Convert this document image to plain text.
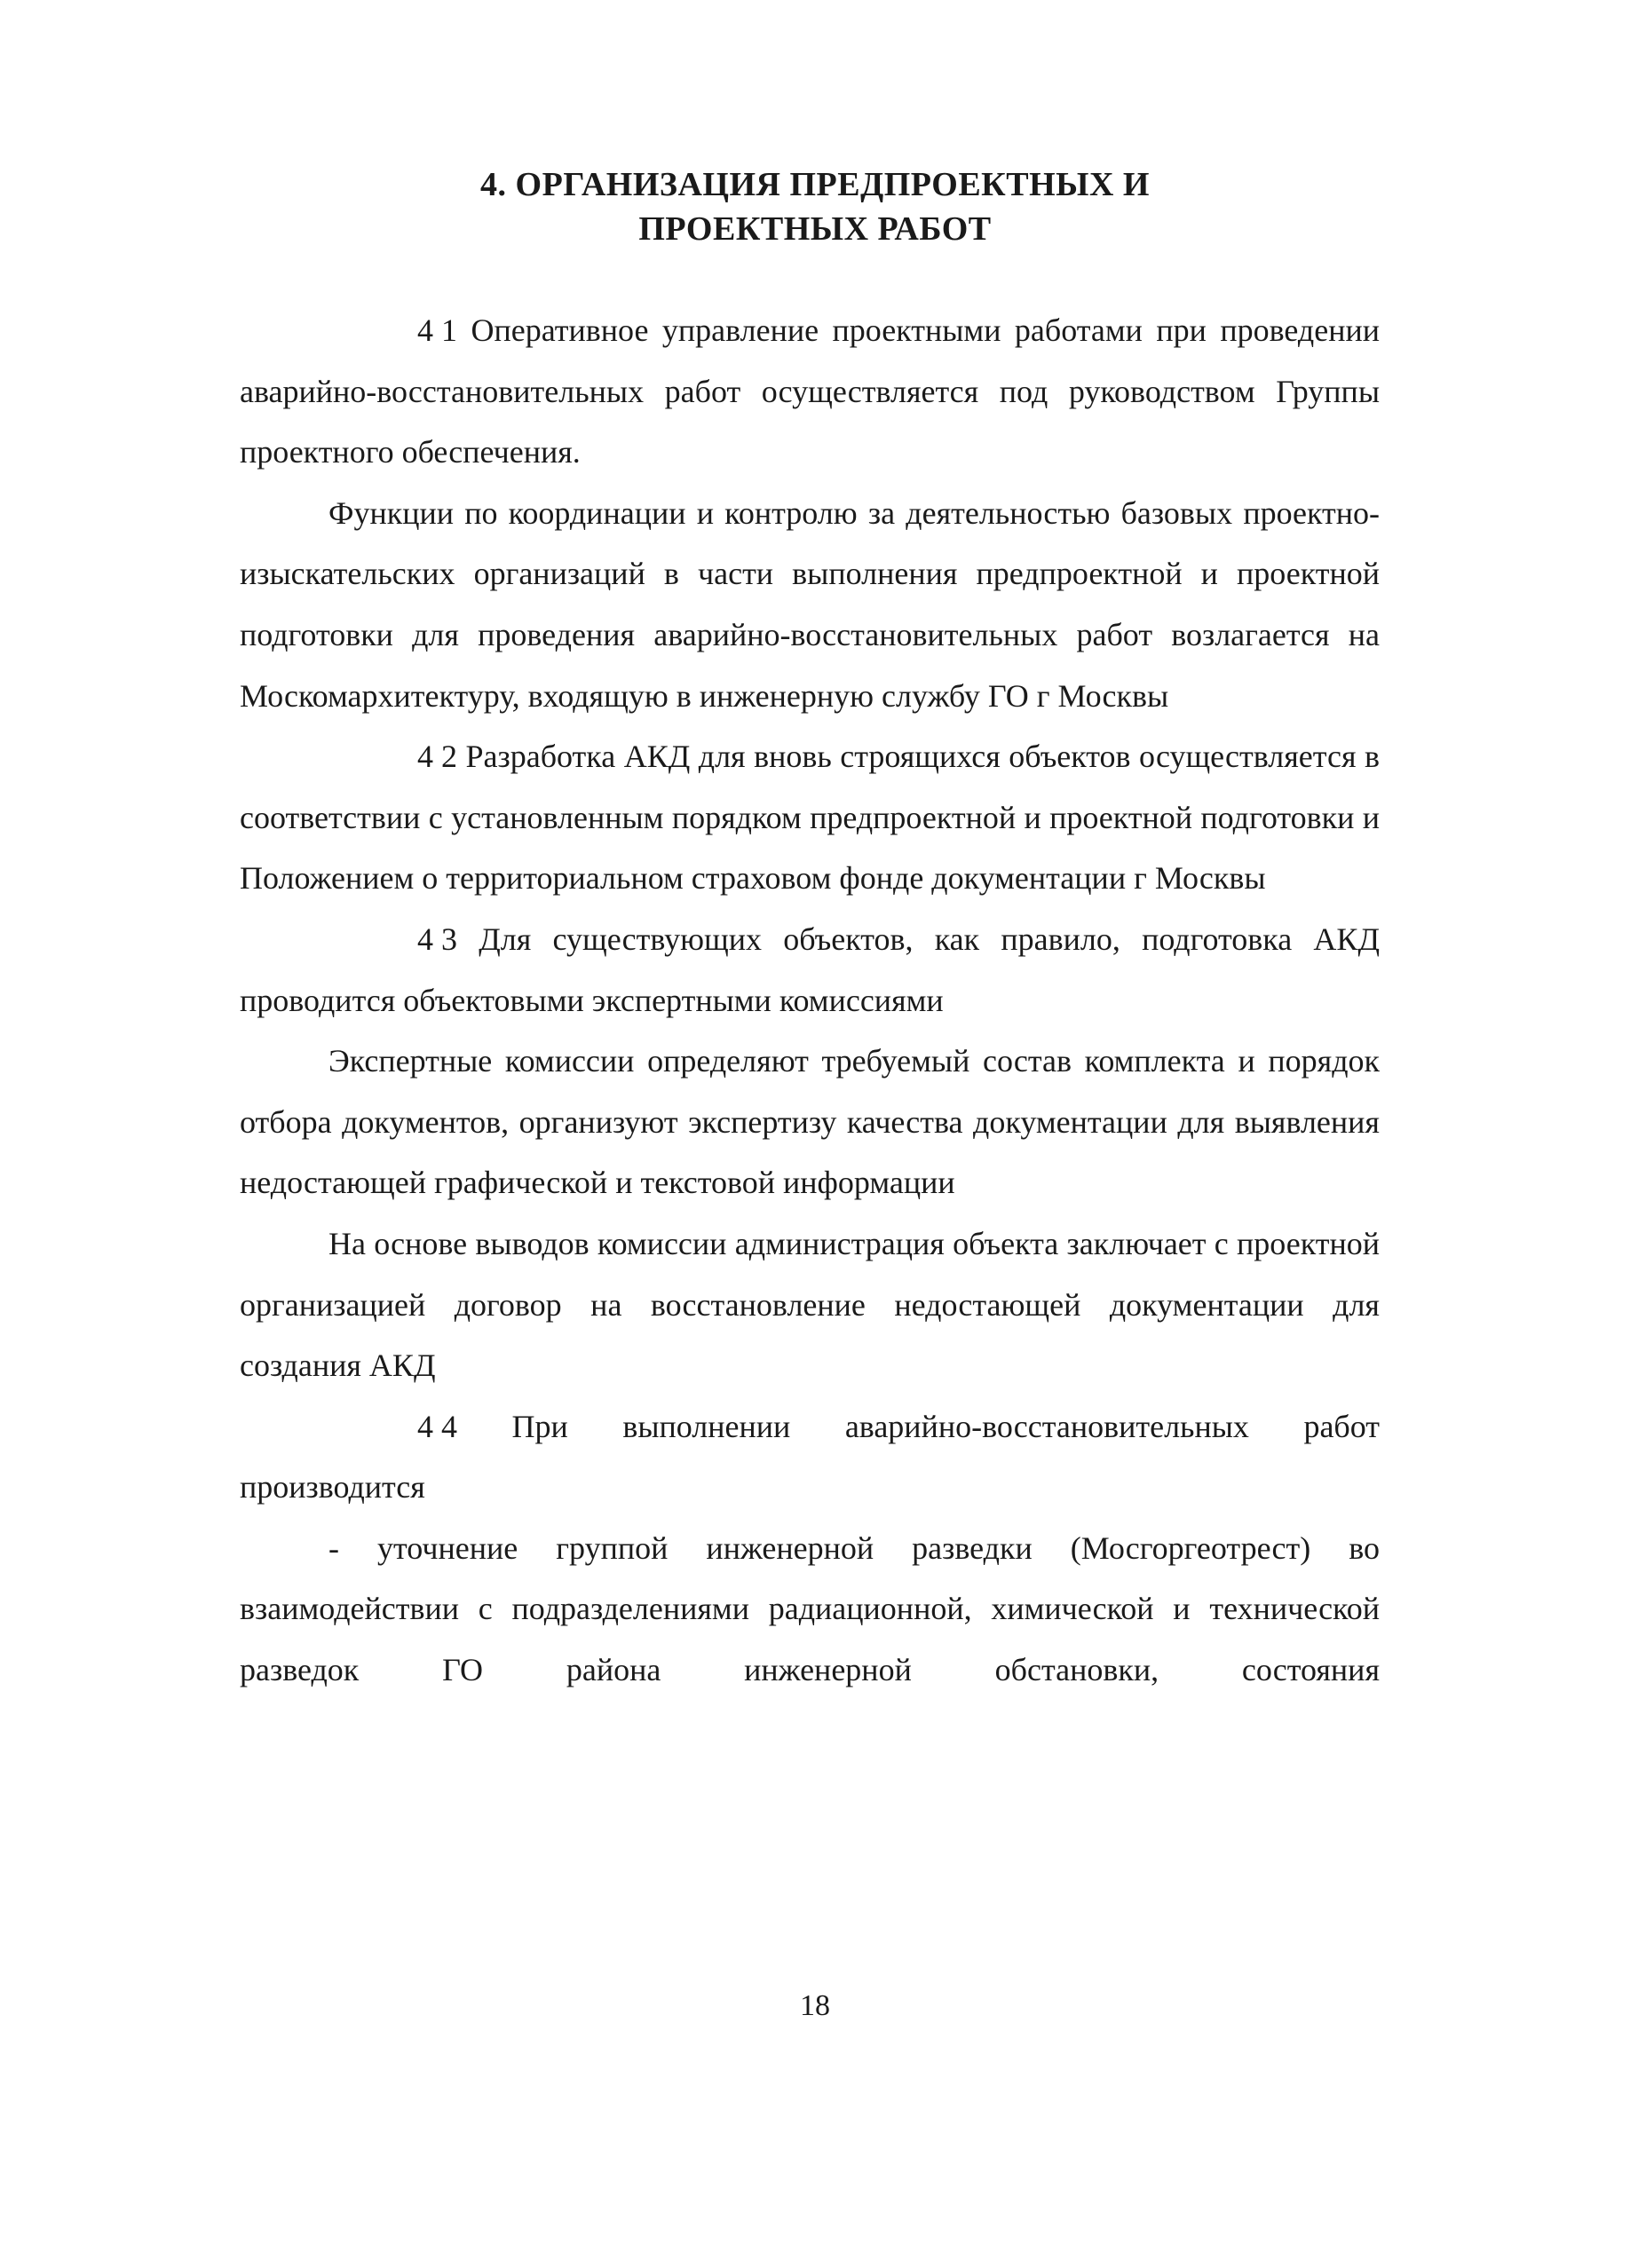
4. ОРГАНИЗАЦИЯ ПРЕДПРОЕКТНЫХ И
ПРОЕКТНЫХ РАБОТ

4 1 Оперативное управление проектными работами при проведении аварийно-восстановительных работ осуществляется под руководством Группы проектного обеспечения.

Функции по координации и контролю за деятельностью базовых проектно-изыскательских организаций в части выполнения предпроектной и проектной подготовки для проведения аварийно-восстановительных работ возлагается на Москомархитектуру, входящую в инженерную службу ГО г Москвы

4 2 Разработка АКД для вновь строящихся объектов осуществляется в соответствии с установленным порядком предпроектной и проектной подготовки и Положением о территориальном страховом фонде документации г Москвы

4 3 Для существующих объектов, как правило, подготовка АКД проводится объектовыми экспертными комиссиями

Экспертные комиссии определяют требуемый состав комплекта и порядок отбора документов, организуют экспертизу качества документации для выявления недостающей графической и текстовой информации

На основе выводов комиссии администрация объекта заключает с проектной организацией договор на восстановление недостающей документации для создания АКД

4 4 При выполнении аварийно-восстановительных работ производится

- уточнение группой инженерной разведки (Мосгоргеотрест) во взаимодействии с подразделениями радиационной, химической и технической разведок ГО района инженерной обстановки, состояния

18
